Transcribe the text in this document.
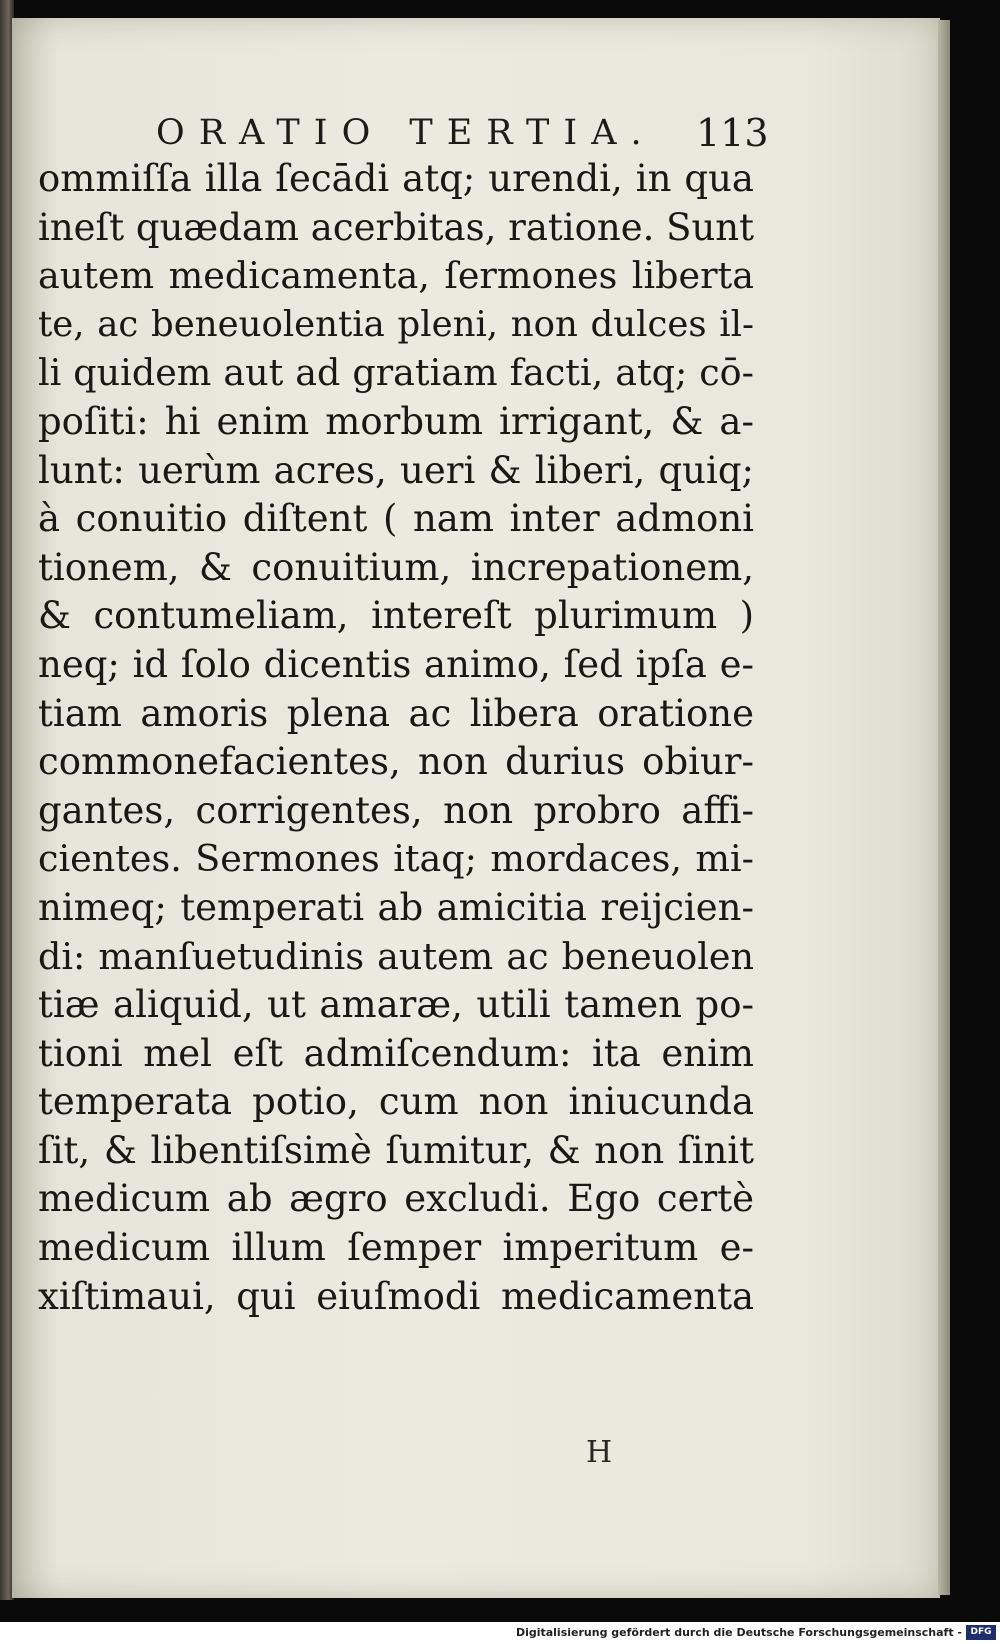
ORATIO TERTIA. 113
ommiſſa illa ſecādi atq; urendi, in qua
ineſt quædam acerbitas, ratione. Sunt
autem medicamenta, ſermones liberta
te, ac beneuolentia pleni, non dulces il-
li quidem aut ad gratiam facti, atq; cō-
poſiti: hi enim morbum irrigant, & a-
lunt: uerùm acres, ueri & liberi, quiq;
à conuitio diſtent ( nam inter admoni
tionem, & conuitium, increpationem,
& contumeliam, intereſt plurimum )
neq; id ſolo dicentis animo, ſed ipſa e-
tiam amoris plena ac libera oratione
commonefacientes, non durius obiur-
gantes, corrigentes, non probro affi-
cientes. Sermones itaq; mordaces, mi-
nimeq; temperati ab amicitia reijcien-
di: manſuetudinis autem ac beneuolen
tiæ aliquid, ut amaræ, utili tamen po-
tioni mel eſt admiſcendum: ita enim
temperata potio, cum non iniucunda
ſit, & libentiſsimè ſumitur, & non ſinit
medicum ab ægro excludi. Ego certè
medicum illum ſemper imperitum e-
xiſtimaui, qui eiuſmodi medicamenta
H
Digitalisierung gefördert durch die Deutsche Forschungsgemeinschaft - DFG
